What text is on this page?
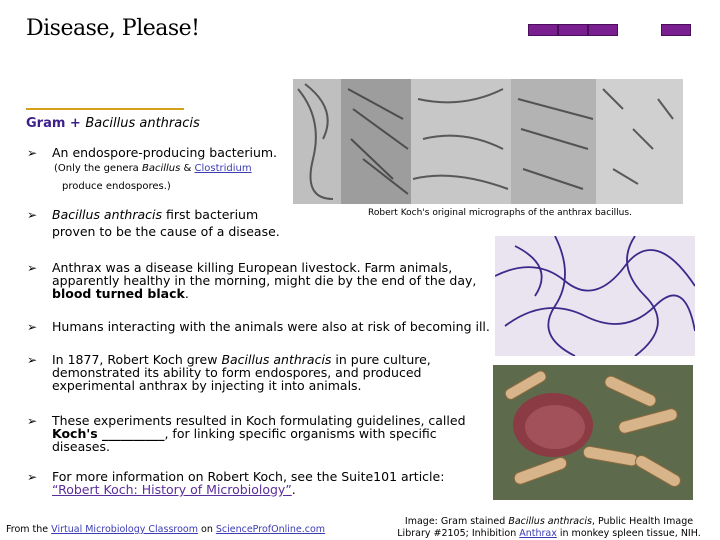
Disease, Please!
Gram + Bacillus anthracis
➢ An endospore-producing bacterium.
(Only the genera Bacillus & Clostridium
produce endospores.)
➢ Bacillus anthracis first bacterium
proven to be the cause of a disease.
➢ Anthrax was a disease killing European livestock. Farm animals,
apparently healthy in the morning, might die by the end of the day,
blood turned black.
➢ Humans interacting with the animals were also at risk of becoming ill.
➢ In 1877, Robert Koch grew Bacillus anthracis in pure culture,
demonstrated its ability to form endospores, and produced
experimental anthrax by injecting it into animals.
➢ These experiments resulted in Koch formulating guidelines, called
Koch's __________, for linking specific organisms with specific
diseases.
➢ For more information on Robert Koch, see the Suite101 article:
“Robert Koch: History of Microbiology”.
Robert Koch's original micrographs of the anthrax bacillus.
From the Virtual Microbiology Classroom on ScienceProfOnline.com
Image: Gram stained Bacillus anthracis, Public Health Image
Library #2105; Inhibition Anthrax in monkey spleen tissue, NIH.
